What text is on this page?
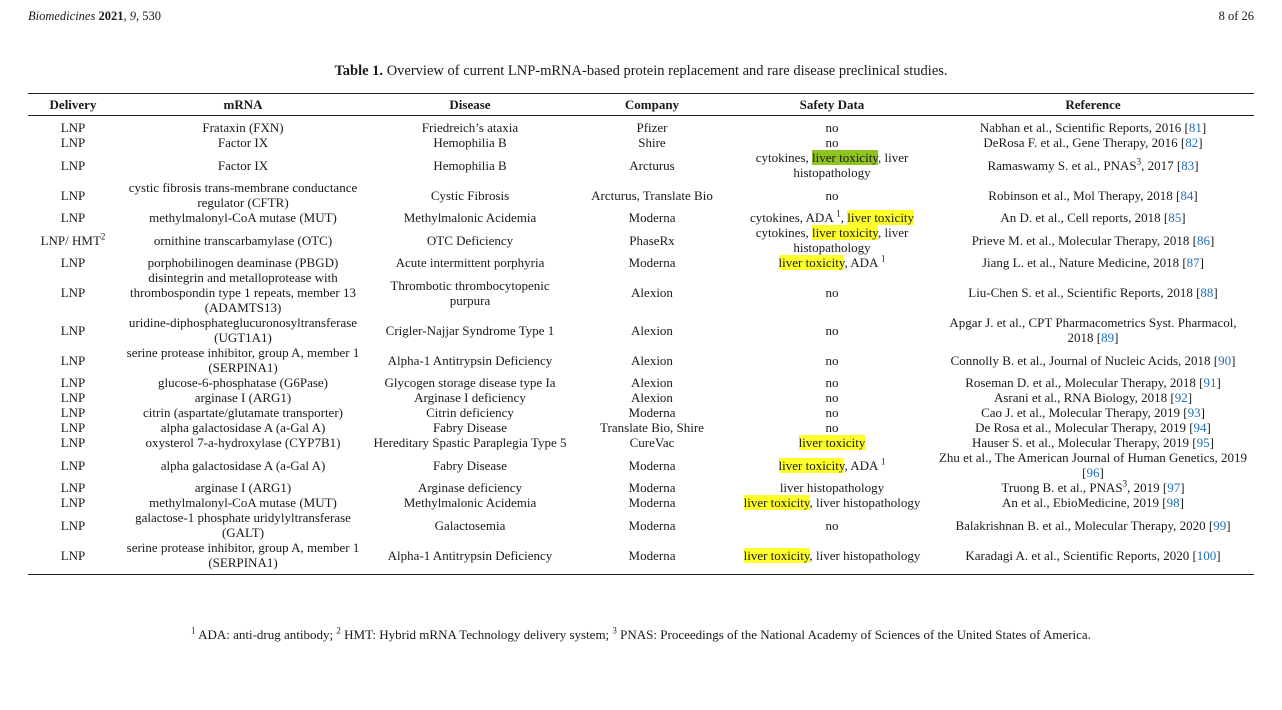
Biomedicines 2021, 9, 530	8 of 26
Table 1. Overview of current LNP-mRNA-based protein replacement and rare disease preclinical studies.
Delivery	mRNA	Disease	Company	Safety Data	Reference
LNP	Frataxin (FXN)	Friedreich’s ataxia	Pfizer	no	Nabhan et al., Scientific Reports, 2016 [81]
LNP	Factor IX	Hemophilia B	Shire	no	DeRosa F. et al., Gene Therapy, 2016 [82]
LNP	Factor IX	Hemophilia B	Arcturus	cytokines, liver toxicity, liver histopathology	Ramaswamy S. et al., PNAS$^3$, 2017 [83]
LNP	cystic fibrosis trans-membrane conductance regulator (CFTR)	Cystic Fibrosis	Arcturus, Translate Bio	no	Robinson et al., Mol Therapy, 2018 [84]
LNP	methylmalonyl-CoA mutase (MUT)	Methylmalonic Acidemia	Moderna	cytokines, ADA $^1$, liver toxicity	An D. et al., Cell reports, 2018 [85]
LNP/ HMT$^2$	ornithine transcarbamylase (OTC)	OTC Deficiency	PhaseRx	cytokines, liver toxicity, liver histopathology	Prieve M. et al., Molecular Therapy, 2018 [86]
LNP	porphobilinogen deaminase (PBGD)	Acute intermittent porphyria	Moderna	liver toxicity, ADA $^1$	Jiang L. et al., Nature Medicine, 2018 [87]
LNP	disintegrin and metalloprotease with thrombospondin type 1 repeats, member 13 (ADAMTS13)	Thrombotic thrombocytopenic purpura	Alexion	no	Liu-Chen S. et al., Scientific Reports, 2018 [88]
LNP	uridine-diphosphateglucuronosyltransferase (UGT1A1)	Crigler-Najjar Syndrome Type 1	Alexion	no	Apgar J. et al., CPT Pharmacometrics Syst. Pharmacol, 2018 [89]
LNP	serine protease inhibitor, group A, member 1 (SERPINA1)	Alpha-1 Antitrypsin Deficiency	Alexion	no	Connolly B. et al., Journal of Nucleic Acids, 2018 [90]
LNP	glucose-6-phosphatase (G6Pase)	Glycogen storage disease type Ia	Alexion	no	Roseman D. et al., Molecular Therapy, 2018 [91]
LNP	arginase I (ARG1)	Arginase I deficiency	Alexion	no	Asrani et al., RNA Biology, 2018 [92]
LNP	citrin (aspartate/glutamate transporter)	Citrin deficiency	Moderna	no	Cao J. et al., Molecular Therapy, 2019 [93]
LNP	alpha galactosidase A (a-Gal A)	Fabry Disease	Translate Bio, Shire	no	De Rosa et al., Molecular Therapy, 2019 [94]
LNP	oxysterol 7-a-hydroxylase (CYP7B1)	Hereditary Spastic Paraplegia Type 5	CureVac	liver toxicity	Hauser S. et al., Molecular Therapy, 2019 [95]
LNP	alpha galactosidase A (a-Gal A)	Fabry Disease	Moderna	liver toxicity, ADA $^1$	Zhu et al., The American Journal of Human Genetics, 2019 [96]
LNP	arginase I (ARG1)	Arginase deficiency	Moderna	liver histopathology	Truong B. et al., PNAS$^3$, 2019 [97]
LNP	methylmalonyl-CoA mutase (MUT)	Methylmalonic Acidemia	Moderna	liver toxicity, liver histopathology	An et al., EbioMedicine, 2019 [98]
LNP	galactose-1 phosphate uridylyltransferase (GALT)	Galactosemia	Moderna	no	Balakrishnan B. et al., Molecular Therapy, 2020 [99]
LNP	serine protease inhibitor, group A, member 1 (SERPINA1)	Alpha-1 Antitrypsin Deficiency	Moderna	liver toxicity, liver histopathology	Karadagi A. et al., Scientific Reports, 2020 [100]
$^1$ ADA: anti-drug antibody; $^2$ HMT: Hybrid mRNA Technology delivery system; $^3$ PNAS: Proceedings of the National Academy of Sciences of the United States of America.
